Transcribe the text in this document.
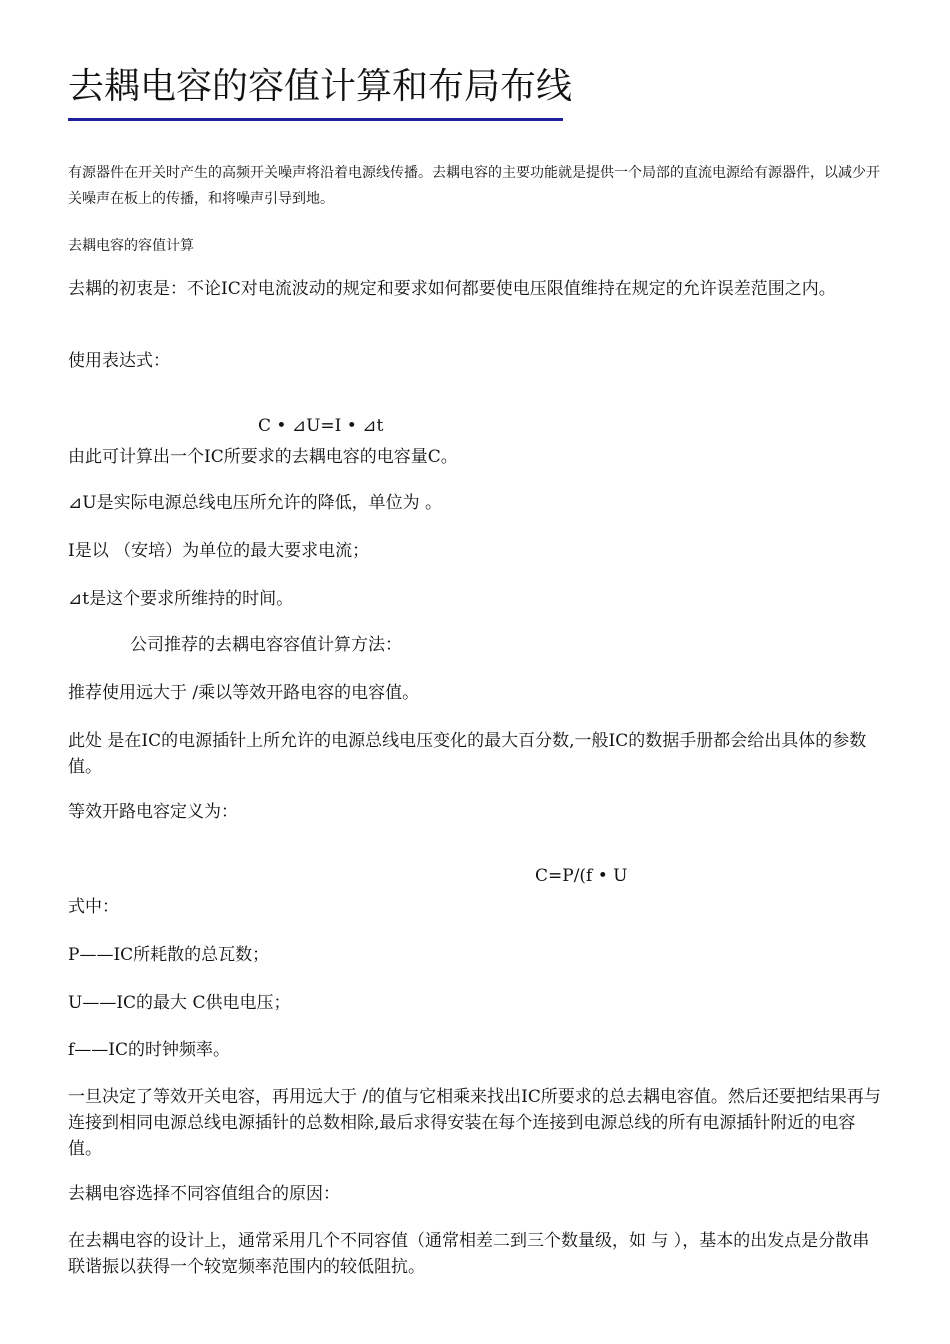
去耦电容的容值计算和布局布线

有源器件在开关时产生的高频开关噪声将沿着电源线传播。去耦电容的主要功能就是提供一个局部的直流电源给有源器件，以减少开关噪声在板上的传播，和将噪声引导到地。

去耦电容的容值计算

去耦的初衷是：不论IC对电流波动的规定和要求如何都要使电压限值维持在规定的允许误差范围之内。

使用表达式：

C • ⊿U=I • ⊿t

由此可计算出一个IC所要求的去耦电容的电容量C。

⊿U是实际电源总线电压所允许的降低，单位为 。

I是以 （安培）为单位的最大要求电流；

⊿t是这个要求所维持的时间。

公司推荐的去耦电容容值计算方法：

推荐使用远大于 /乘以等效开路电容的电容值。

此处 是在IC的电源插针上所允许的电源总线电压变化的最大百分数,一般IC的数据手册都会给出具体的参数值。

等效开路电容定义为：

C=P/(f • U

式中：

P——IC所耗散的总瓦数；

U——IC的最大 C供电电压；

f——IC的时钟频率。

一旦决定了等效开关电容，再用远大于 /的值与它相乘来找出IC所要求的总去耦电容值。然后还要把结果再与连接到相同电源总线电源插针的总数相除,最后求得安装在每个连接到电源总线的所有电源插针附近的电容值。

去耦电容选择不同容值组合的原因：

在去耦电容的设计上，通常采用几个不同容值（通常相差二到三个数量级，如 与 ），基本的出发点是分散串联谐振以获得一个较宽频率范围内的较低阻抗。
